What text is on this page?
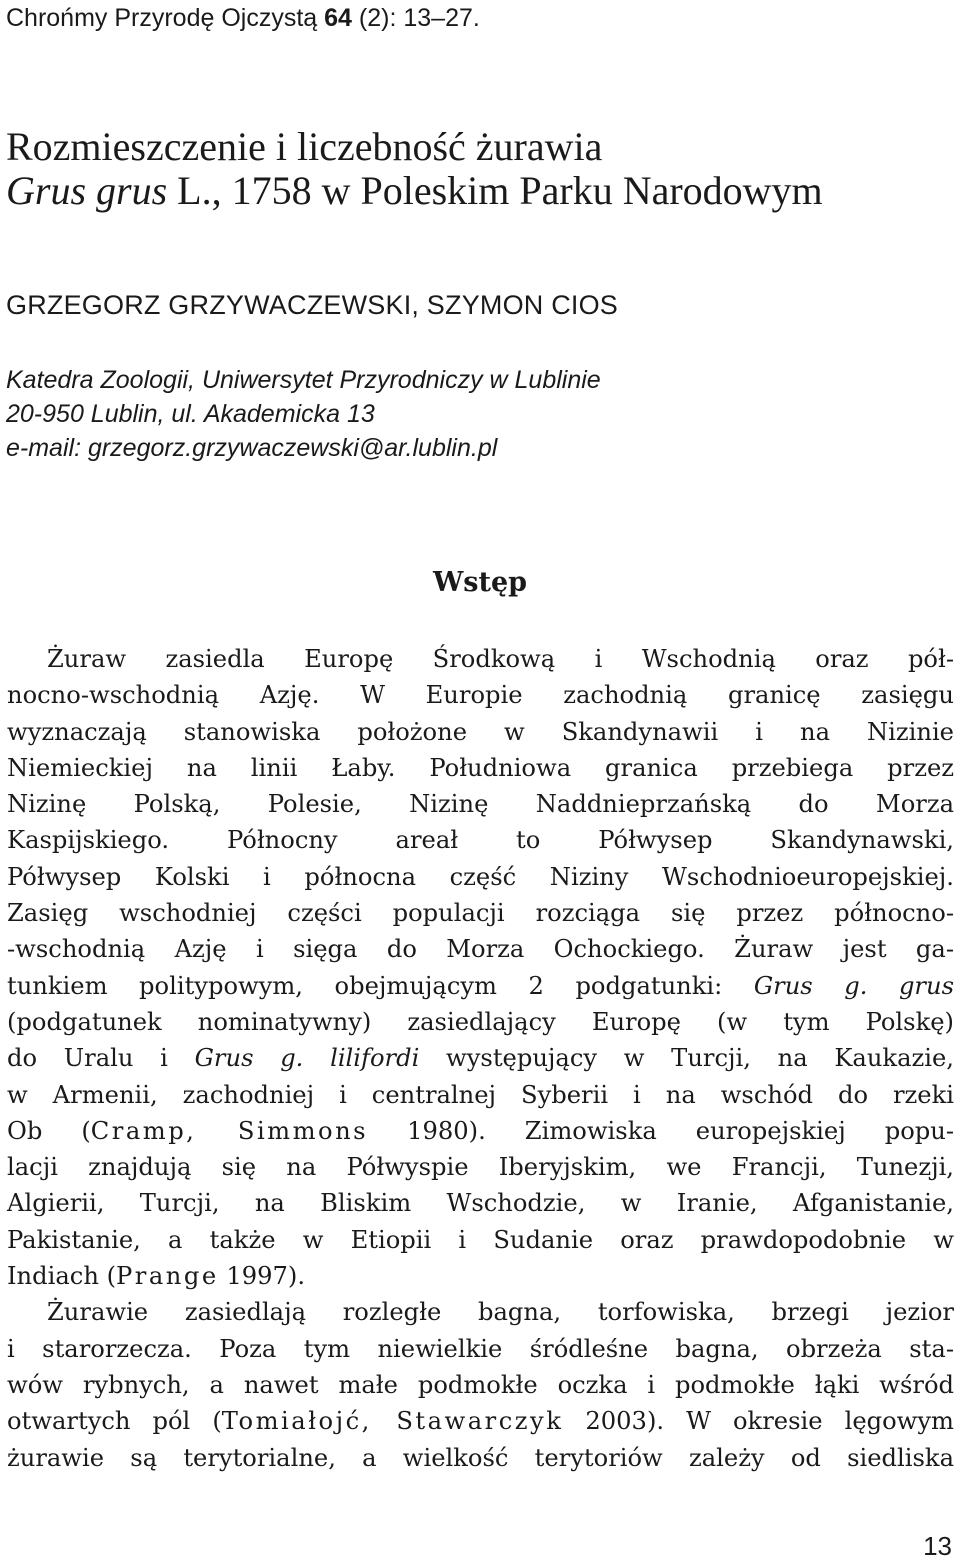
Chrońmy Przyrodę Ojczystą 64 (2): 13–27.
Rozmieszczenie i liczebność żurawia
Grus grus L., 1758 w Poleskim Parku Narodowym
GRZEGORZ GRZYWACZEWSKI, SZYMON CIOS
Katedra Zoologii, Uniwersytet Przyrodniczy w Lublinie
20-950 Lublin, ul. Akademicka 13
e-mail: grzegorz.grzywaczewski@ar.lublin.pl
Wstęp

Żuraw zasiedla Europę Środkową i Wschodnią oraz pół-
nocno-wschodnią Azję. W Europie zachodnią granicę zasięgu
wyznaczają stanowiska położone w Skandynawii i na Nizinie
Niemieckiej na linii Łaby. Południowa granica przebiega przez
Nizinę Polską, Polesie, Nizinę Naddnieprzańską do Morza
Kaspijskiego. Północny areał to Półwysep Skandynawski,
Półwysep Kolski i północna część Niziny Wschodnioeuropejskiej.
Zasięg wschodniej części populacji rozciąga się przez północno-
-wschodnią Azję i sięga do Morza Ochockiego. Żuraw jest ga-
tunkiem politypowym, obejmującym 2 podgatunki: Grus g. grus
(podgatunek nominatywny) zasiedlający Europę (w tym Polskę)
do Uralu i Grus g. lilifordi występujący w Turcji, na Kaukazie,
w Armenii, zachodniej i centralnej Syberii i na wschód do rzeki
Ob (Cramp, Simmons 1980). Zimowiska europejskiej popu-
lacji znajdują się na Półwyspie Iberyjskim, we Francji, Tunezji,
Algierii, Turcji, na Bliskim Wschodzie, w Iranie, Afganistanie,
Pakistanie, a także w Etiopii i Sudanie oraz prawdopodobnie w
Indiach (Prange 1997).

Żurawie zasiedlają rozległe bagna, torfowiska, brzegi jezior
i starorzecza. Poza tym niewielkie śródleśne bagna, obrzeża sta-
wów rybnych, a nawet małe podmokłe oczka i podmokłe łąki wśród
otwartych pól (Tomiałojć, Stawarczyk 2003). W okresie lęgowym
żurawie są terytorialne, a wielkość terytoriów zależy od siedliska

13
